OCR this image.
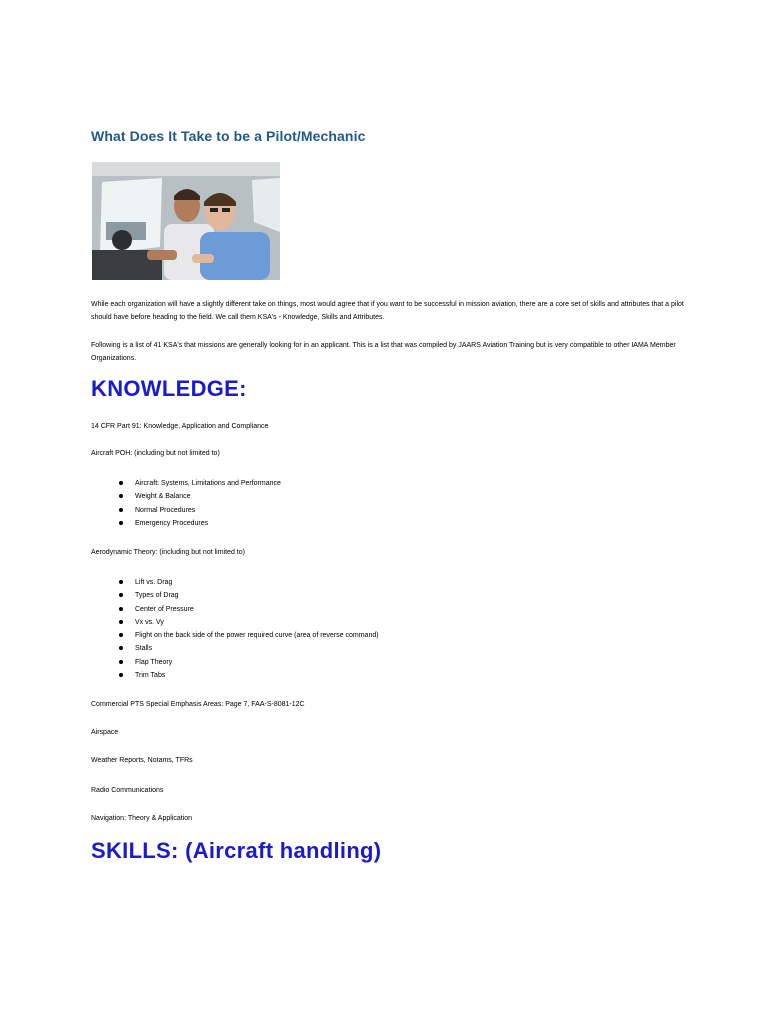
What Does It Take to be a Pilot/Mechanic

While each organization will have a slightly different take on things, most would agree that if you want to be successful in mission aviation, there are a core set of skills and attributes that a pilot should have before heading to the field. We call them KSA's - Knowledge, Skills and Attributes.

Following is a list of 41 KSA's that missions are generally looking for in an applicant. This is a list that was compiled by JAARS Aviation Training but is very compatible to other IAMA Member Organizations.

KNOWLEDGE:

14 CFR Part 91: Knowledge, Application and Compliance

Aircraft POH: (including but not limited to)

Aircraft: Systems, Limitations and Performance
Weight & Balance
Normal Procedures
Emergency Procedures

Aerodynamic Theory: (including but not limited to)

Lift vs. Drag
Types of Drag
Center of Pressure
Vx vs. Vy
Flight on the back side of the power required curve (area of reverse command)
Stalls
Flap Theory
Trim Tabs

Commercial PTS Special Emphasis Areas: Page 7, FAA-S-8081-12C

Airspace

Weather Reports, Notams, TFRs

Radio Communications

Navigation: Theory & Application

SKILLS: (Aircraft handling)
